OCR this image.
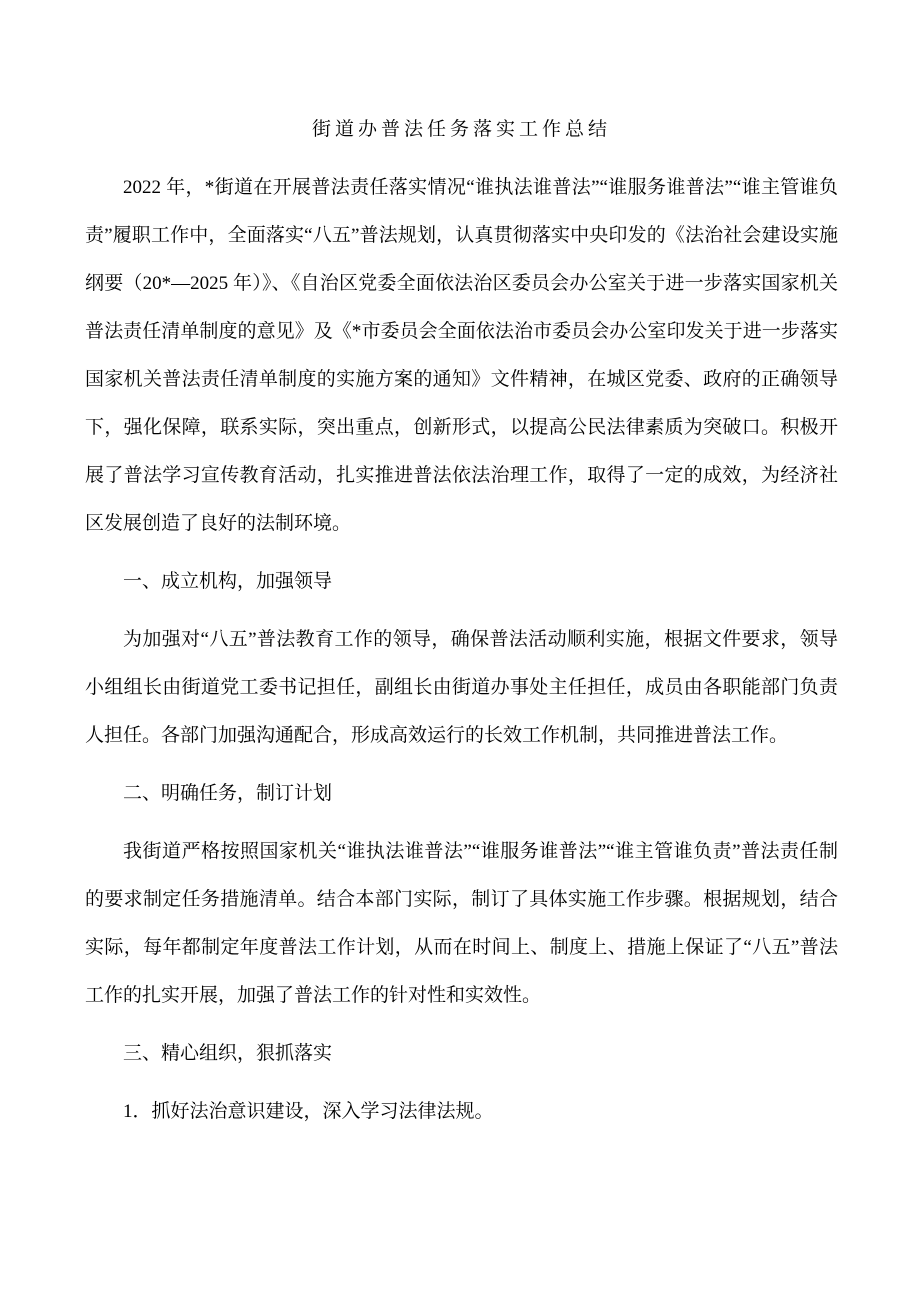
街道办普法任务落实工作总结

2022 年，*街道在开展普法责任落实情况“谁执法谁普法”“谁服务谁普法”“谁主管谁负责”履职工作中，全面落实“八五”普法规划，认真贯彻落实中央印发的《法治社会建设实施纲要（20*—2025 年）》、《自治区党委全面依法治区委员会办公室关于进一步落实国家机关普法责任清单制度的意见》及《*市委员会全面依法治市委员会办公室印发关于进一步落实国家机关普法责任清单制度的实施方案的通知》文件精神，在城区党委、政府的正确领导下，强化保障，联系实际，突出重点，创新形式，以提高公民法律素质为突破口。积极开展了普法学习宣传教育活动，扎实推进普法依法治理工作，取得了一定的成效，为经济社区发展创造了良好的法制环境。

一、成立机构，加强领导

为加强对“八五”普法教育工作的领导，确保普法活动顺利实施，根据文件要求，领导小组组长由街道党工委书记担任，副组长由街道办事处主任担任，成员由各职能部门负责人担任。各部门加强沟通配合，形成高效运行的长效工作机制，共同推进普法工作。

二、明确任务，制订计划

我街道严格按照国家机关“谁执法谁普法”“谁服务谁普法”“谁主管谁负责”普法责任制的要求制定任务措施清单。结合本部门实际，制订了具体实施工作步骤。根据规划，结合实际，每年都制定年度普法工作计划，从而在时间上、制度上、措施上保证了“八五”普法工作的扎实开展，加强了普法工作的针对性和实效性。

三、精心组织，狠抓落实

1．抓好法治意识建设，深入学习法律法规。
